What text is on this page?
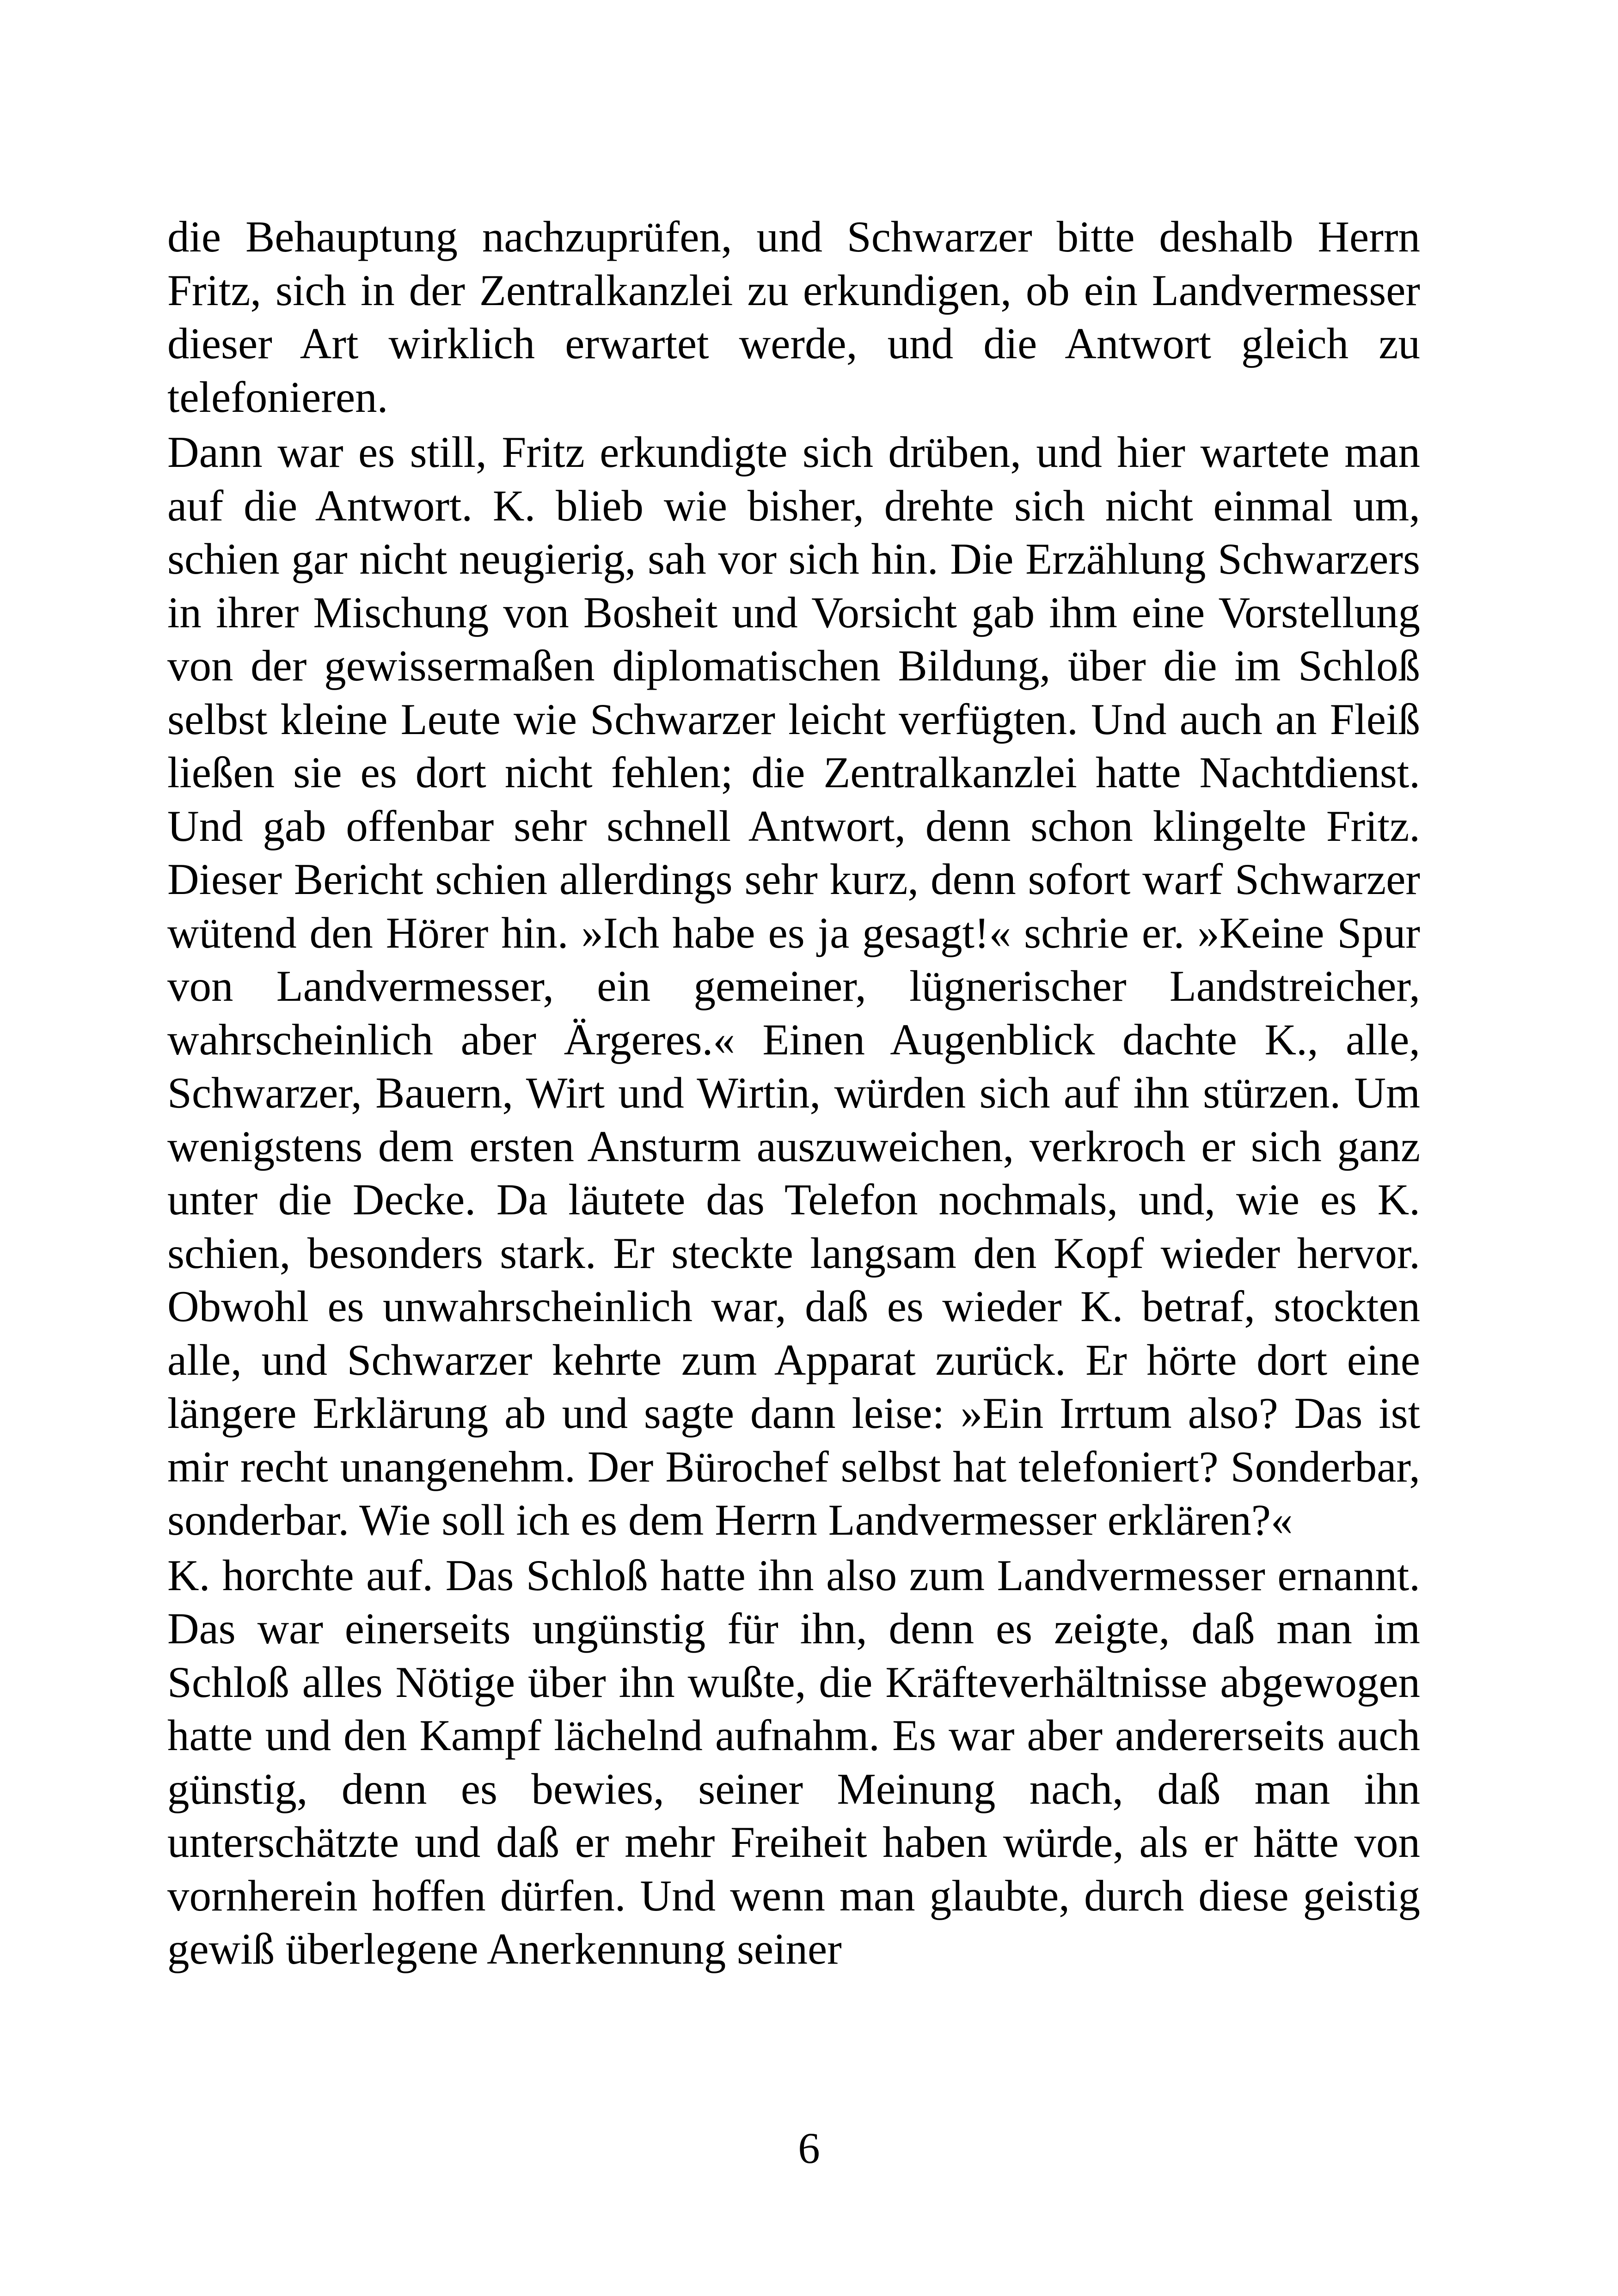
die Behauptung nachzuprüfen, und Schwarzer bitte deshalb Herrn Fritz, sich in der Zentralkanzlei zu erkundigen, ob ein Landvermesser dieser Art wirklich erwartet werde, und die Antwort gleich zu telefonieren.

Dann war es still, Fritz erkundigte sich drüben, und hier wartete man auf die Antwort. K. blieb wie bisher, drehte sich nicht einmal um, schien gar nicht neugierig, sah vor sich hin. Die Erzählung Schwarzers in ihrer Mischung von Bosheit und Vorsicht gab ihm eine Vorstellung von der gewissermaßen diplomatischen Bildung, über die im Schloß selbst kleine Leute wie Schwarzer leicht verfügten. Und auch an Fleiß ließen sie es dort nicht fehlen; die Zentralkanzlei hatte Nachtdienst. Und gab offenbar sehr schnell Antwort, denn schon klingelte Fritz. Dieser Bericht schien allerdings sehr kurz, denn sofort warf Schwarzer wütend den Hörer hin. »Ich habe es ja gesagt!« schrie er. »Keine Spur von Landvermesser, ein gemeiner, lügnerischer Landstreicher, wahrscheinlich aber Ärgeres.« Einen Augenblick dachte K., alle, Schwarzer, Bauern, Wirt und Wirtin, würden sich auf ihn stürzen. Um wenigstens dem ersten Ansturm auszuweichen, verkroch er sich ganz unter die Decke. Da läutete das Telefon nochmals, und, wie es K. schien, besonders stark. Er steckte langsam den Kopf wieder hervor. Obwohl es unwahrscheinlich war, daß es wieder K. betraf, stockten alle, und Schwarzer kehrte zum Apparat zurück. Er hörte dort eine längere Erklärung ab und sagte dann leise: »Ein Irrtum also? Das ist mir recht unangenehm. Der Bürochef selbst hat telefoniert? Sonderbar, sonderbar. Wie soll ich es dem Herrn Landvermesser erklären?«

K. horchte auf. Das Schloß hatte ihn also zum Landvermesser ernannt. Das war einerseits ungünstig für ihn, denn es zeigte, daß man im Schloß alles Nötige über ihn wußte, die Kräfteverhältnisse abgewogen hatte und den Kampf lächelnd aufnahm. Es war aber andererseits auch günstig, denn es bewies, seiner Meinung nach, daß man ihn unterschätzte und daß er mehr Freiheit haben würde, als er hätte von vornherein hoffen dürfen. Und wenn man glaubte, durch diese geistig gewiß überlegene Anerkennung seiner

6
